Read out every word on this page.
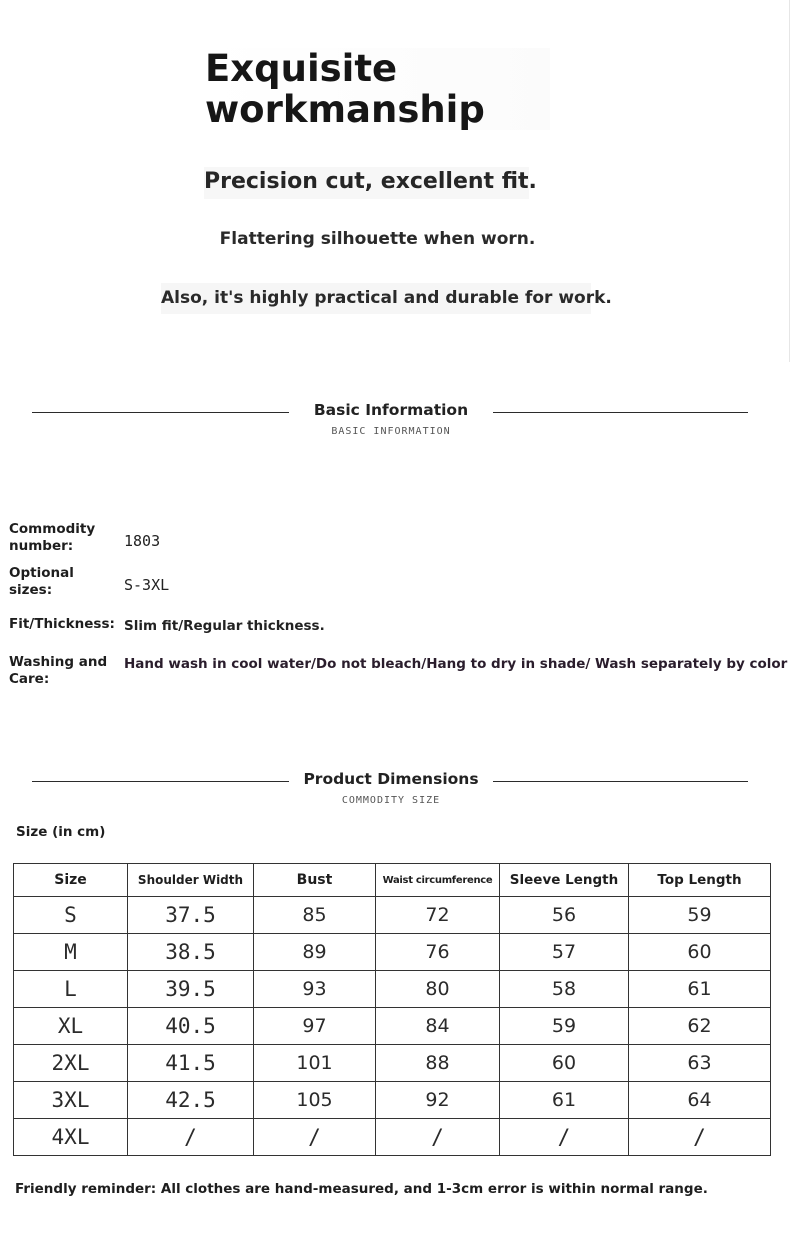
Exquisite workmanship
Precision cut, excellent fit.
Flattering silhouette when worn.
Also, it's highly practical and durable for work.
Basic Information
BASIC INFORMATION
Commodity number:	1803
Optional sizes:	S-3XL
Fit/Thickness: Slim fit/Regular thickness.
Washing and Care:
Hand wash in cool water/Do not bleach/Hang to dry in shade/ Wash separately by color
Product Dimensions
COMMODITY SIZE
Size (in cm)
Size	Shoulder Width	Bust	Waist circumference	Sleeve Length	Top Length
S	37.5	85	72	56	59
M	38.5	89	76	57	60
L	39.5	93	80	58	61
XL	40.5	97	84	59	62
2XL	41.5	101	88	60	63
3XL	42.5	105	92	61	64
4XL	/	/	/	/	/
Friendly reminder: All clothes are hand-measured, and 1-3cm error is within normal range.
